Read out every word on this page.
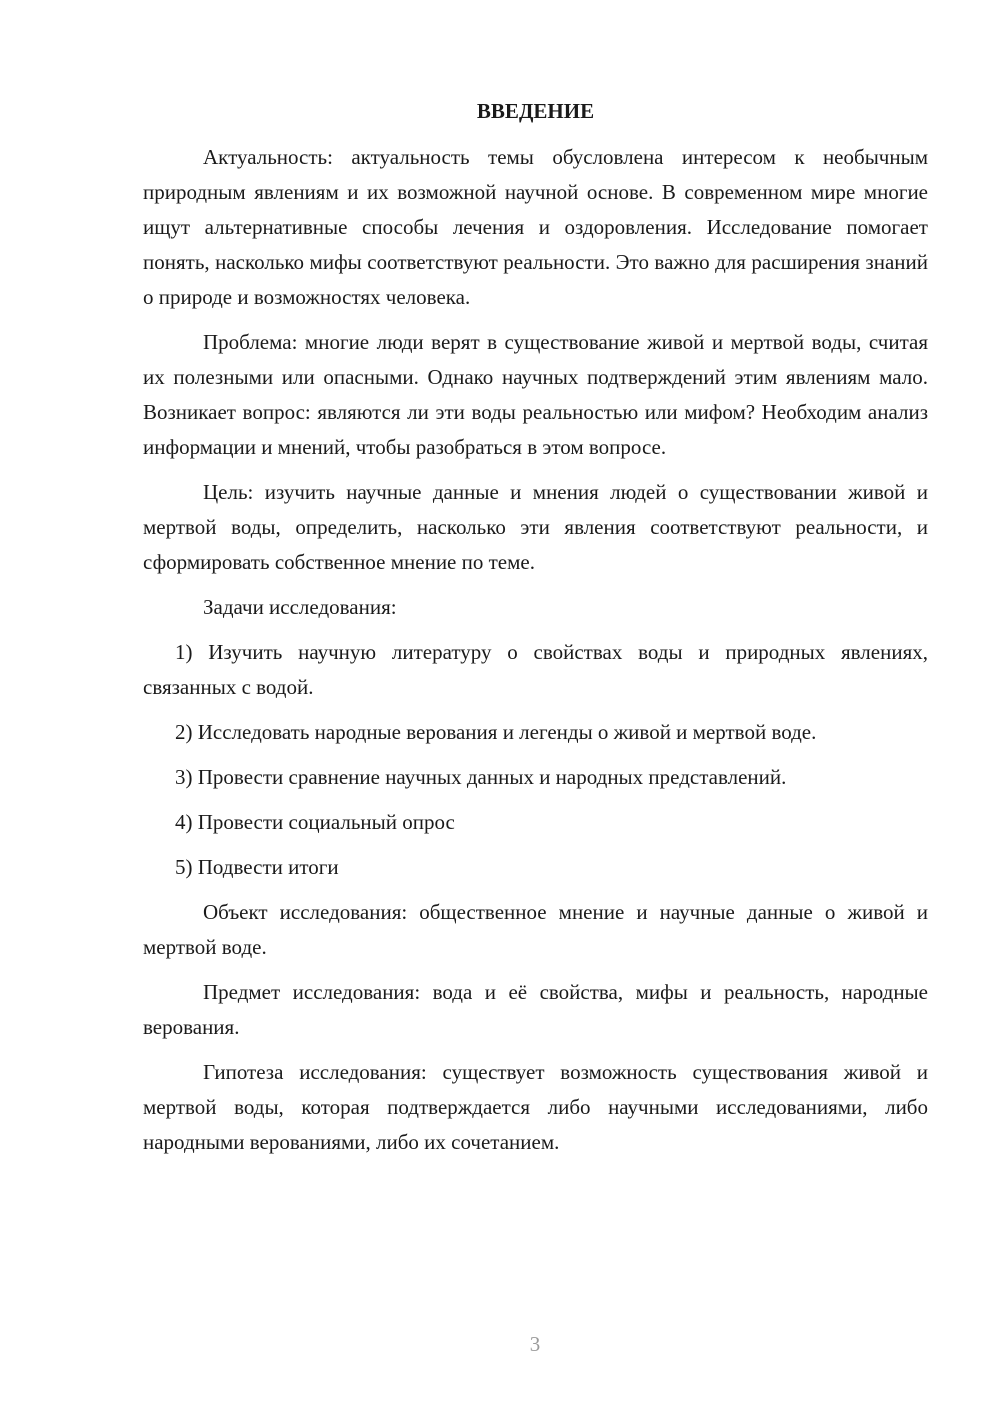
ВВЕДЕНИЕ

Актуальность: актуальность темы обусловлена интересом к необычным природным явлениям и их возможной научной основе. В современном мире многие ищут альтернативные способы лечения и оздоровления. Исследование помогает понять, насколько мифы соответствуют реальности. Это важно для расширения знаний о природе и возможностях человека.

Проблема: многие люди верят в существование живой и мертвой воды, считая их полезными или опасными. Однако научных подтверждений этим явлениям мало. Возникает вопрос: являются ли эти воды реальностью или мифом? Необходим анализ информации и мнений, чтобы разобраться в этом вопросе.

Цель: изучить научные данные и мнения людей о существовании живой и мертвой воды, определить, насколько эти явления соответствуют реальности, и сформировать собственное мнение по теме.

Задачи исследования:

1) Изучить научную литературу о свойствах воды и природных явлениях, связанных с водой.

2) Исследовать народные верования и легенды о живой и мертвой воде.

3) Провести сравнение научных данных и народных представлений.

4) Провести социальный опрос

5) Подвести итоги

Объект исследования: общественное мнение и научные данные о живой и мертвой воде.

Предмет исследования: вода и её свойства, мифы и реальность, народные верования.

Гипотеза исследования: существует возможность существования живой и мертвой воды, которая подтверждается либо научными исследованиями, либо народными верованиями, либо их сочетанием.

3
